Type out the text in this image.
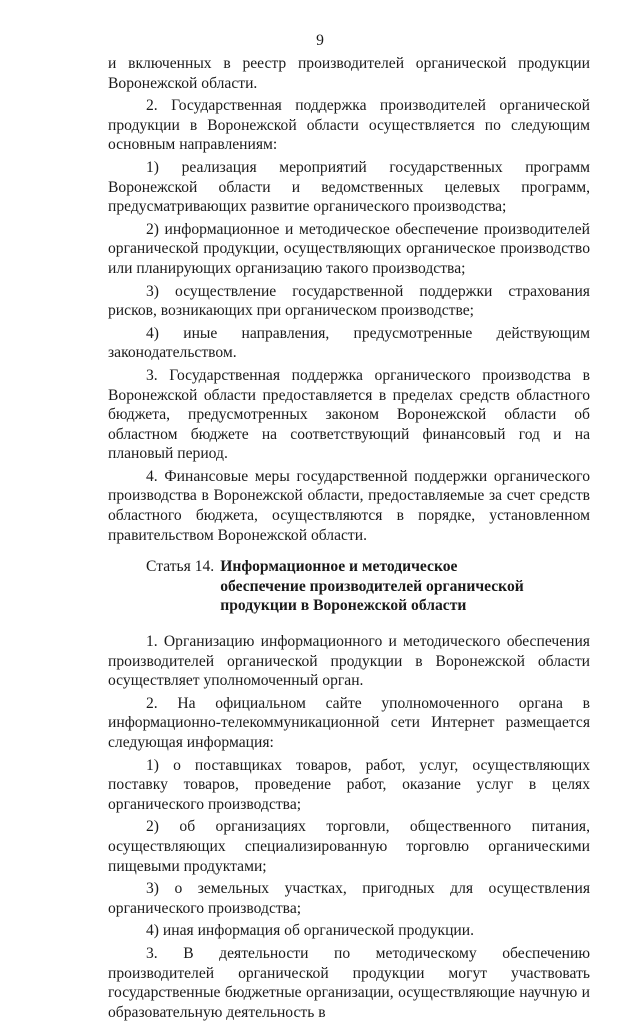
9

и включенных в реестр производителей органической продукции Воронежской области.

2. Государственная поддержка производителей органической продукции в Воронежской области осуществляется по следующим основным направлениям:

1) реализация мероприятий государственных программ Воронежской области и ведомственных целевых программ, предусматривающих развитие органического производства;

2) информационное и методическое обеспечение производителей органической продукции, осуществляющих органическое производство или планирующих организацию такого производства;

3) осуществление государственной поддержки страхования рисков, возникающих при органическом производстве;

4) иные направления, предусмотренные действующим законодательством.

3. Государственная поддержка органического производства в Воронежской области предоставляется в пределах средств областного бюджета, предусмотренных законом Воронежской области об областном бюджете на соответствующий финансовый год и на плановый период.

4. Финансовые меры государственной поддержки органического производства в Воронежской области, предоставляемые за счет средств областного бюджета, осуществляются в порядке, установленном правительством Воронежской области.

Статья 14. Информационное и методическое обеспечение производителей органической продукции в Воронежской области

1. Организацию информационного и методического обеспечения производителей органической продукции в Воронежской области осуществляет уполномоченный орган.

2. На официальном сайте уполномоченного органа в информационно-телекоммуникационной сети Интернет размещается следующая информация:

1) о поставщиках товаров, работ, услуг, осуществляющих поставку товаров, проведение работ, оказание услуг в целях органического производства;

2) об организациях торговли, общественного питания, осуществляющих специализированную торговлю органическими пищевыми продуктами;

3) о земельных участках, пригодных для осуществления органического производства;

4) иная информация об органической продукции.

3. В деятельности по методическому обеспечению производителей органической продукции могут участвовать государственные бюджетные организации, осуществляющие научную и образовательную деятельность в
